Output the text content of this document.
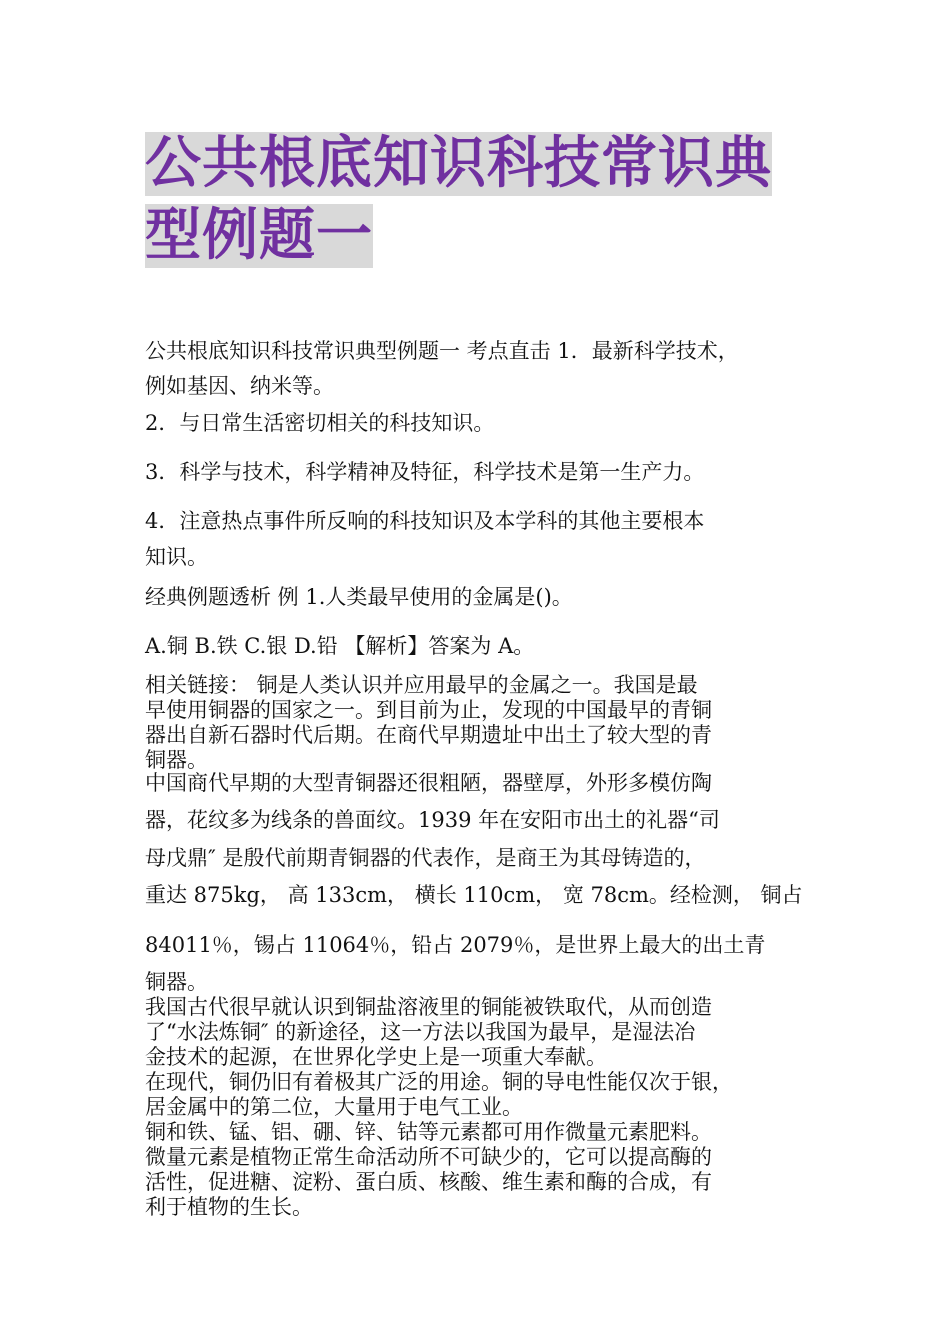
公共根底知识科技常识典
型例题一
公共根底知识科技常识典型例题一 考点直击 1．最新科学技术，
例如基因、纳米等。
2．与日常生活密切相关的科技知识。
3．科学与技术，科学精神及特征，科学技术是第一生产力。
4．注意热点事件所反响的科技知识及本学科的其他主要根本
知识。
经典例题透析 例 1.人类最早使用的金属是()。
A.铜 B.铁 C.银 D.铅 【解析】答案为 A。
相关链接： 铜是人类认识并应用最早的金属之一。我国是最
早使用铜器的国家之一。到目前为止，发现的中国最早的青铜
器出自新石器时代后期。在商代早期遗址中出土了较大型的青
铜器。
中国商代早期的大型青铜器还很粗陋，器壁厚，外形多模仿陶
器，花纹多为线条的兽面纹。1939 年在安阳市出土的礼器“司
母戊鼎″ 是殷代前期青铜器的代表作，是商王为其母铸造的，
重达 875kg， 高 133cm， 横长 110cm， 宽 78cm。经检测， 铜占
84011％，锡占 11064％，铅占 2079％，是世界上最大的出土青
铜器。
我国古代很早就认识到铜盐溶液里的铜能被铁取代，从而创造
了“水法炼铜″ 的新途径，这一方法以我国为最早，是湿法冶
金技术的起源，在世界化学史上是一项重大奉献。
在现代，铜仍旧有着极其广泛的用途。铜的导电性能仅次于银，
居金属中的第二位，大量用于电气工业。
铜和铁、锰、铝、硼、锌、钴等元素都可用作微量元素肥料。
微量元素是植物正常生命活动所不可缺少的，它可以提高酶的
活性，促进糖、淀粉、蛋白质、核酸、维生素和酶的合成，有
利于植物的生长。
